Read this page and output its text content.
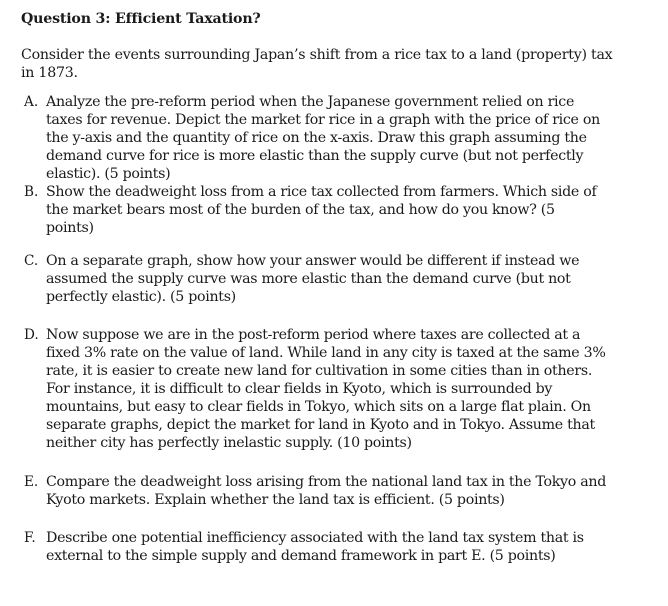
Question 3: Efficient Taxation?

Consider the events surrounding Japan’s shift from a rice tax to a land (property) tax in 1873.

A. Analyze the pre-reform period when the Japanese government relied on rice taxes for revenue. Depict the market for rice in a graph with the price of rice on the y-axis and the quantity of rice on the x-axis. Draw this graph assuming the demand curve for rice is more elastic than the supply curve (but not perfectly elastic). (5 points)
B. Show the deadweight loss from a rice tax collected from farmers. Which side of the market bears most of the burden of the tax, and how do you know? (5 points)
C. On a separate graph, show how your answer would be different if instead we assumed the supply curve was more elastic than the demand curve (but not perfectly elastic). (5 points)
D. Now suppose we are in the post-reform period where taxes are collected at a fixed 3% rate on the value of land. While land in any city is taxed at the same 3% rate, it is easier to create new land for cultivation in some cities than in others. For instance, it is difficult to clear fields in Kyoto, which is surrounded by mountains, but easy to clear fields in Tokyo, which sits on a large flat plain. On separate graphs, depict the market for land in Kyoto and in Tokyo. Assume that neither city has perfectly inelastic supply. (10 points)
E. Compare the deadweight loss arising from the national land tax in the Tokyo and Kyoto markets. Explain whether the land tax is efficient. (5 points)
F. Describe one potential inefficiency associated with the land tax system that is external to the simple supply and demand framework in part E. (5 points)
